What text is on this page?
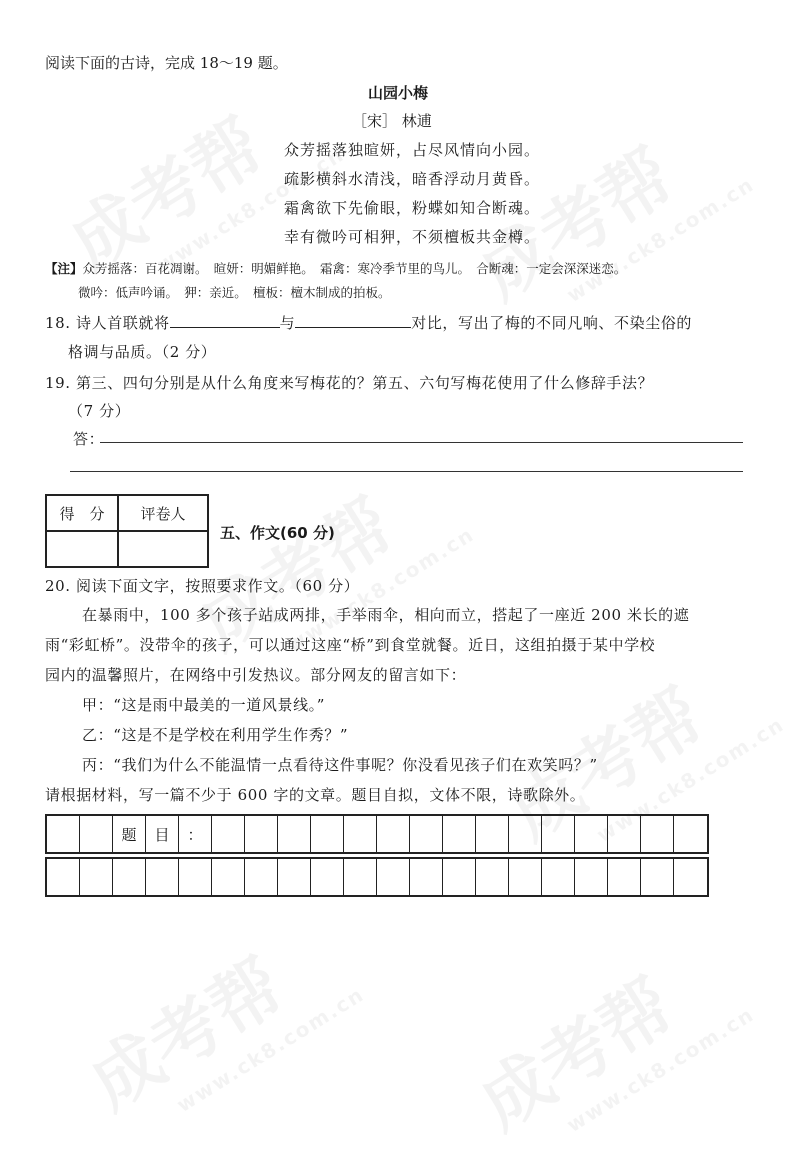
阅读下面的古诗，完成 18～19 题。
山园小梅
［宋］ 林逋
众芳摇落独暄妍，占尽风情向小园。
疏影横斜水清浅，暗香浮动月黄昏。
霜禽欲下先偷眼，粉蝶如知合断魂。
幸有微吟可相狎，不须檀板共金樽。
【注】众芳摇落：百花凋谢。　暄妍：明媚鲜艳。　霜禽：寒冷季节里的鸟儿。　合断魂：一定会深深迷恋。
微吟：低声吟诵。　狎：亲近。　檀板：檀木制成的拍板。
18. 诗人首联就将	与	对比，写出了梅的不同凡响、不染尘俗的
格调与品质。（2 分）
19. 第三、四句分别是从什么角度来写梅花的？第五、六句写梅花使用了什么修辞手法？
（7 分）
答：
得　分	评卷人

五、作文(60 分)
20. 阅读下面文字，按照要求作文。（60 分）
在暴雨中，100 多个孩子站成两排，手举雨伞，相向而立，搭起了一座近 200 米长的遮
雨“彩虹桥”。没带伞的孩子，可以通过这座“桥”到食堂就餐。近日，这组拍摄于某中学校
园内的温馨照片，在网络中引发热议。部分网友的留言如下：
甲：“这是雨中最美的一道风景线。”
乙：“这是不是学校在利用学生作秀？”
丙：“我们为什么不能温情一点看待这件事呢？你没看见孩子们在欢笑吗？”
请根据材料，写一篇不少于 600 字的文章。题目自拟，文体不限，诗歌除外。
题	目	：
